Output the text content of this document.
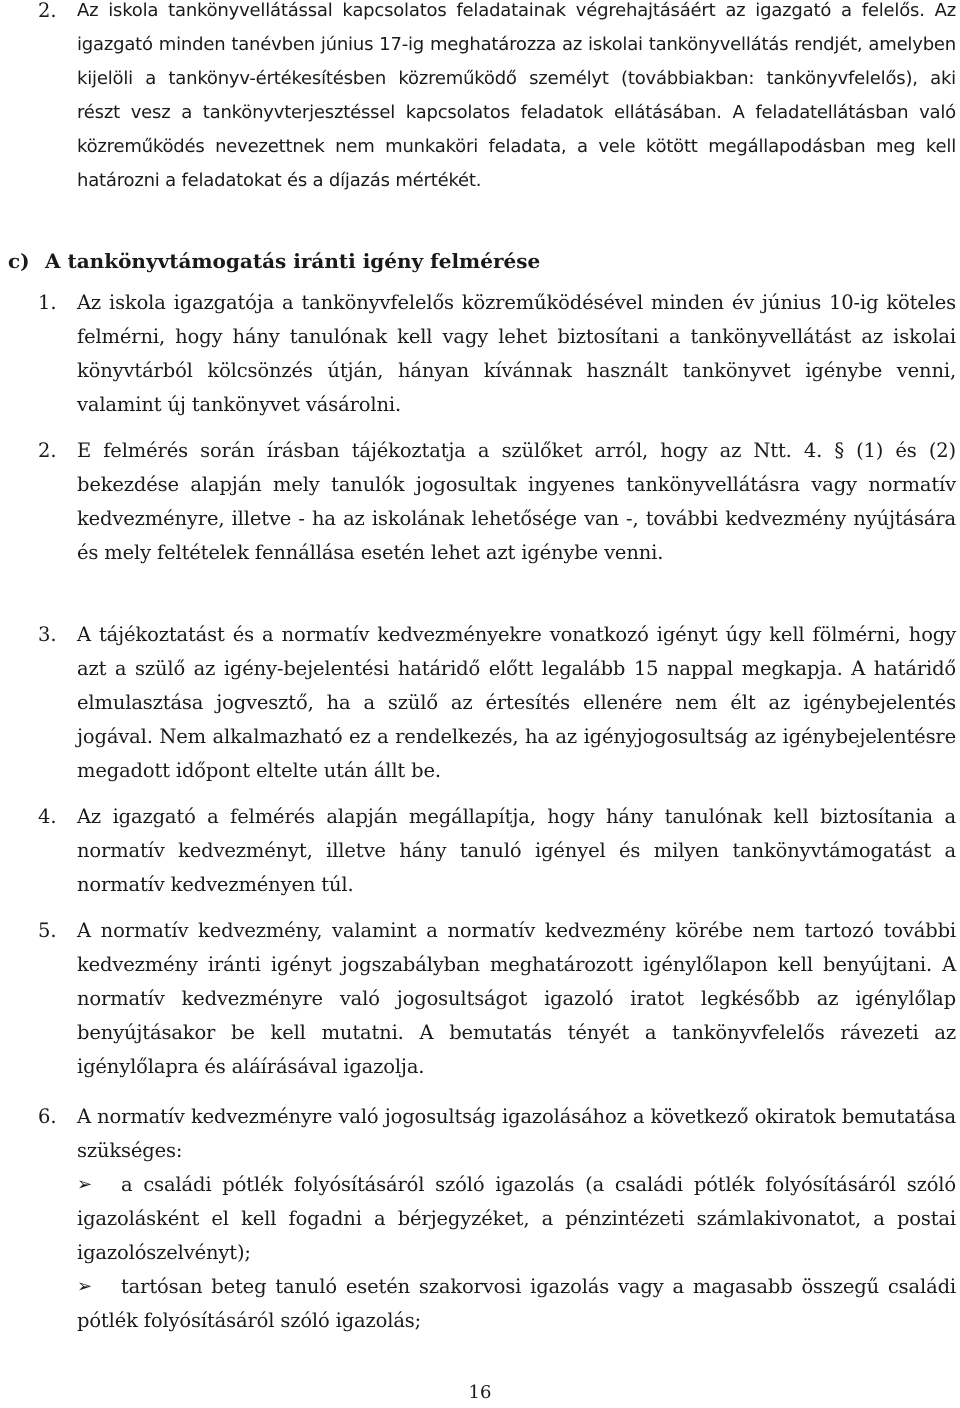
2. Az iskola tankönyvellátással kapcsolatos feladatainak végrehajtásáért az igazgató a felelős. Az igazgató minden tanévben június 17-ig meghatározza az iskolai tankönyvellátás rendjét, amelyben kijelöli a tankönyv-értékesítésben közreműködő személyt (továbbiakban: tankönyvfelelős), aki részt vesz a tankönyvterjesztéssel kapcsolatos feladatok ellátásában. A feladatellátásban való közreműködés nevezettnek nem munkaköri feladata, a vele kötött megállapodásban meg kell határozni a feladatokat és a díjazás mértékét.
c) A tankönyvtámogatás iránti igény felmérése
1. Az iskola igazgatója a tankönyvfelelős közreműködésével minden év június 10-ig köteles felmérni, hogy hány tanulónak kell vagy lehet biztosítani a tankönyvellátást az iskolai könyvtárból kölcsönzés útján, hányan kívánnak használt tankönyvet igénybe venni, valamint új tankönyvet vásárolni.
2. E felmérés során írásban tájékoztatja a szülőket arról, hogy az Ntt. 4. § (1) és (2) bekezdése alapján mely tanulók jogosultak ingyenes tankönyvellátásra vagy normatív kedvezményre, illetve - ha az iskolának lehetősége van -, további kedvezmény nyújtására és mely feltételek fennállása esetén lehet azt igénybe venni.
3. A tájékoztatást és a normatív kedvezményekre vonatkozó igényt úgy kell fölmérni, hogy azt a szülő az igény-bejelentési határidő előtt legalább 15 nappal megkapja. A határidő elmulasztása jogvesztő, ha a szülő az értesítés ellenére nem élt az igénybejelentés jogával. Nem alkalmazható ez a rendelkezés, ha az igényjogosultság az igénybejelentésre megadott időpont eltelte után állt be.
4. Az igazgató a felmérés alapján megállapítja, hogy hány tanulónak kell biztosítania a normatív kedvezményt, illetve hány tanuló igényel és milyen tankönyvtámogatást a normatív kedvezményen túl.
5. A normatív kedvezmény, valamint a normatív kedvezmény körébe nem tartozó további kedvezmény iránti igényt jogszabályban meghatározott igénylőlapon kell benyújtani. A normatív kedvezményre való jogosultságot igazoló iratot legkésőbb az igénylőlap benyújtásakor be kell mutatni. A bemutatás tényét a tankönyvfelelős rávezeti az igénylőlapra és aláírásával igazolja.
6. A normatív kedvezményre való jogosultság igazolásához a következő okiratok bemutatása szükséges:
➢	a családi pótlék folyósításáról szóló igazolás (a családi pótlék folyósításáról szóló igazolásként el kell fogadni a bérjegyzéket, a pénzintézeti számlakivonatot, a postai igazolószelvényt);
➢	tartósan beteg tanuló esetén szakorvosi igazolás vagy a magasabb összegű családi pótlék folyósításáról szóló igazolás;
16
